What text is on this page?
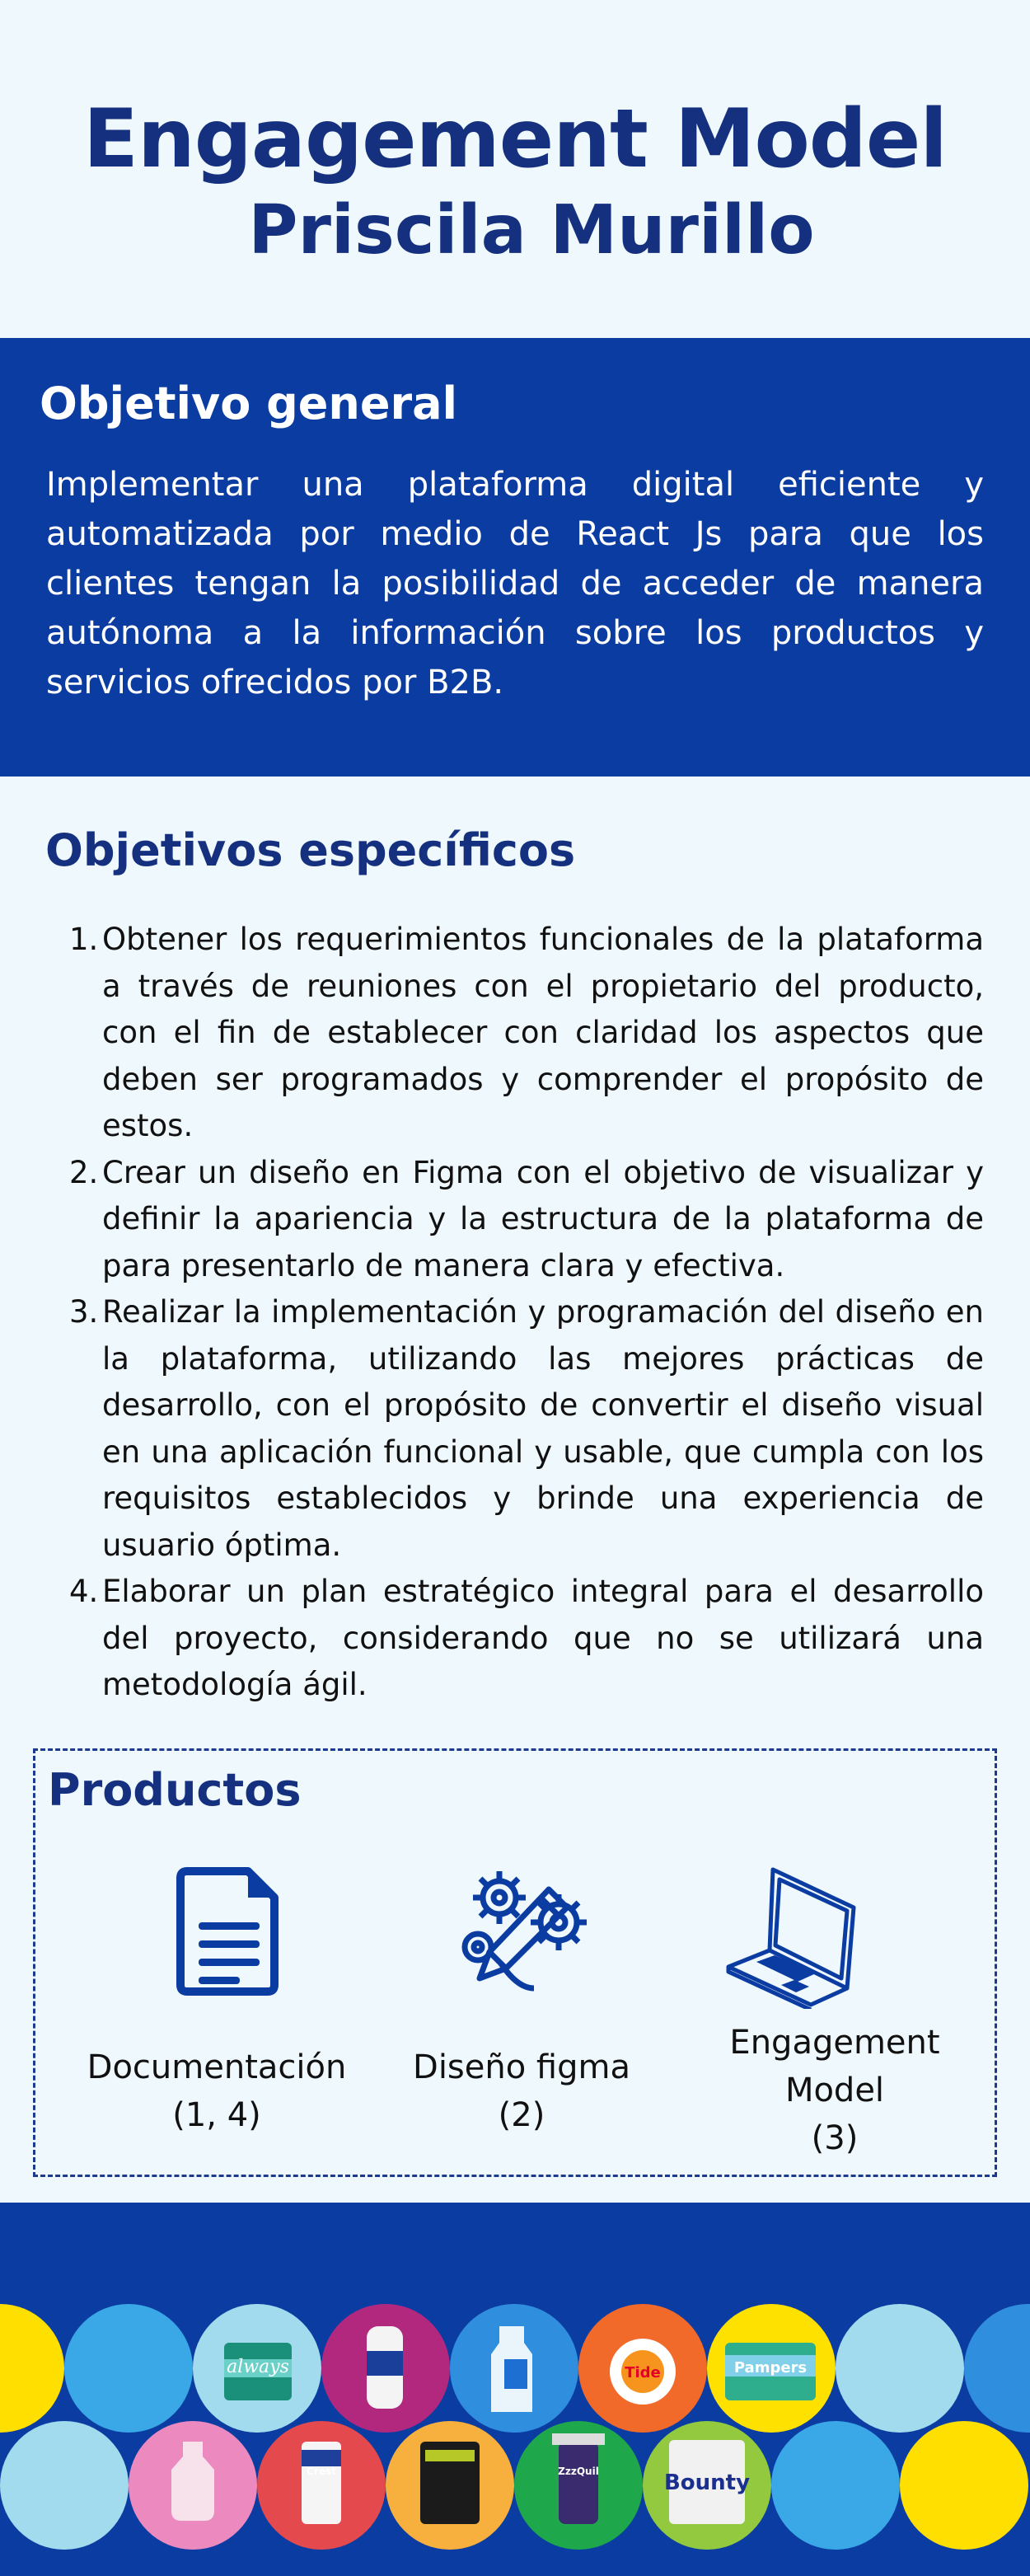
Engagement Model
Priscila Murillo
Objetivo general

Implementar una plataforma digital eficiente y automatizada por medio de React Js para que los clientes tengan la posibilidad de acceder de manera autónoma a la información sobre los productos y servicios ofrecidos por B2B.

Objetivos específicos
1. Obtener los requerimientos funcionales de la plataforma a través de reuniones con el propietario del producto, con el fin de establecer con claridad los aspectos que deben ser programados y comprender el propósito de estos.
2. Crear un diseño en Figma con el objetivo de visualizar y definir la apariencia y la estructura de la plataforma de para presentarlo de manera clara y efectiva.
3. Realizar la implementación y programación del diseño en la plataforma, utilizando las mejores prácticas de desarrollo, con el propósito de convertir el diseño visual en una aplicación funcional y usable, que cumpla con los requisitos establecidos y brinde una experiencia de usuario óptima.
4. Elaborar un plan estratégico integral para el desarrollo del proyecto, considerando que no se utilizará una metodología ágil.
Productos
Documentación
(1, 4)
Diseño figma
(2)
Engagement
Model
(3)
Bounty
Tide
always	Pampers
Crest	ZzzQuil
